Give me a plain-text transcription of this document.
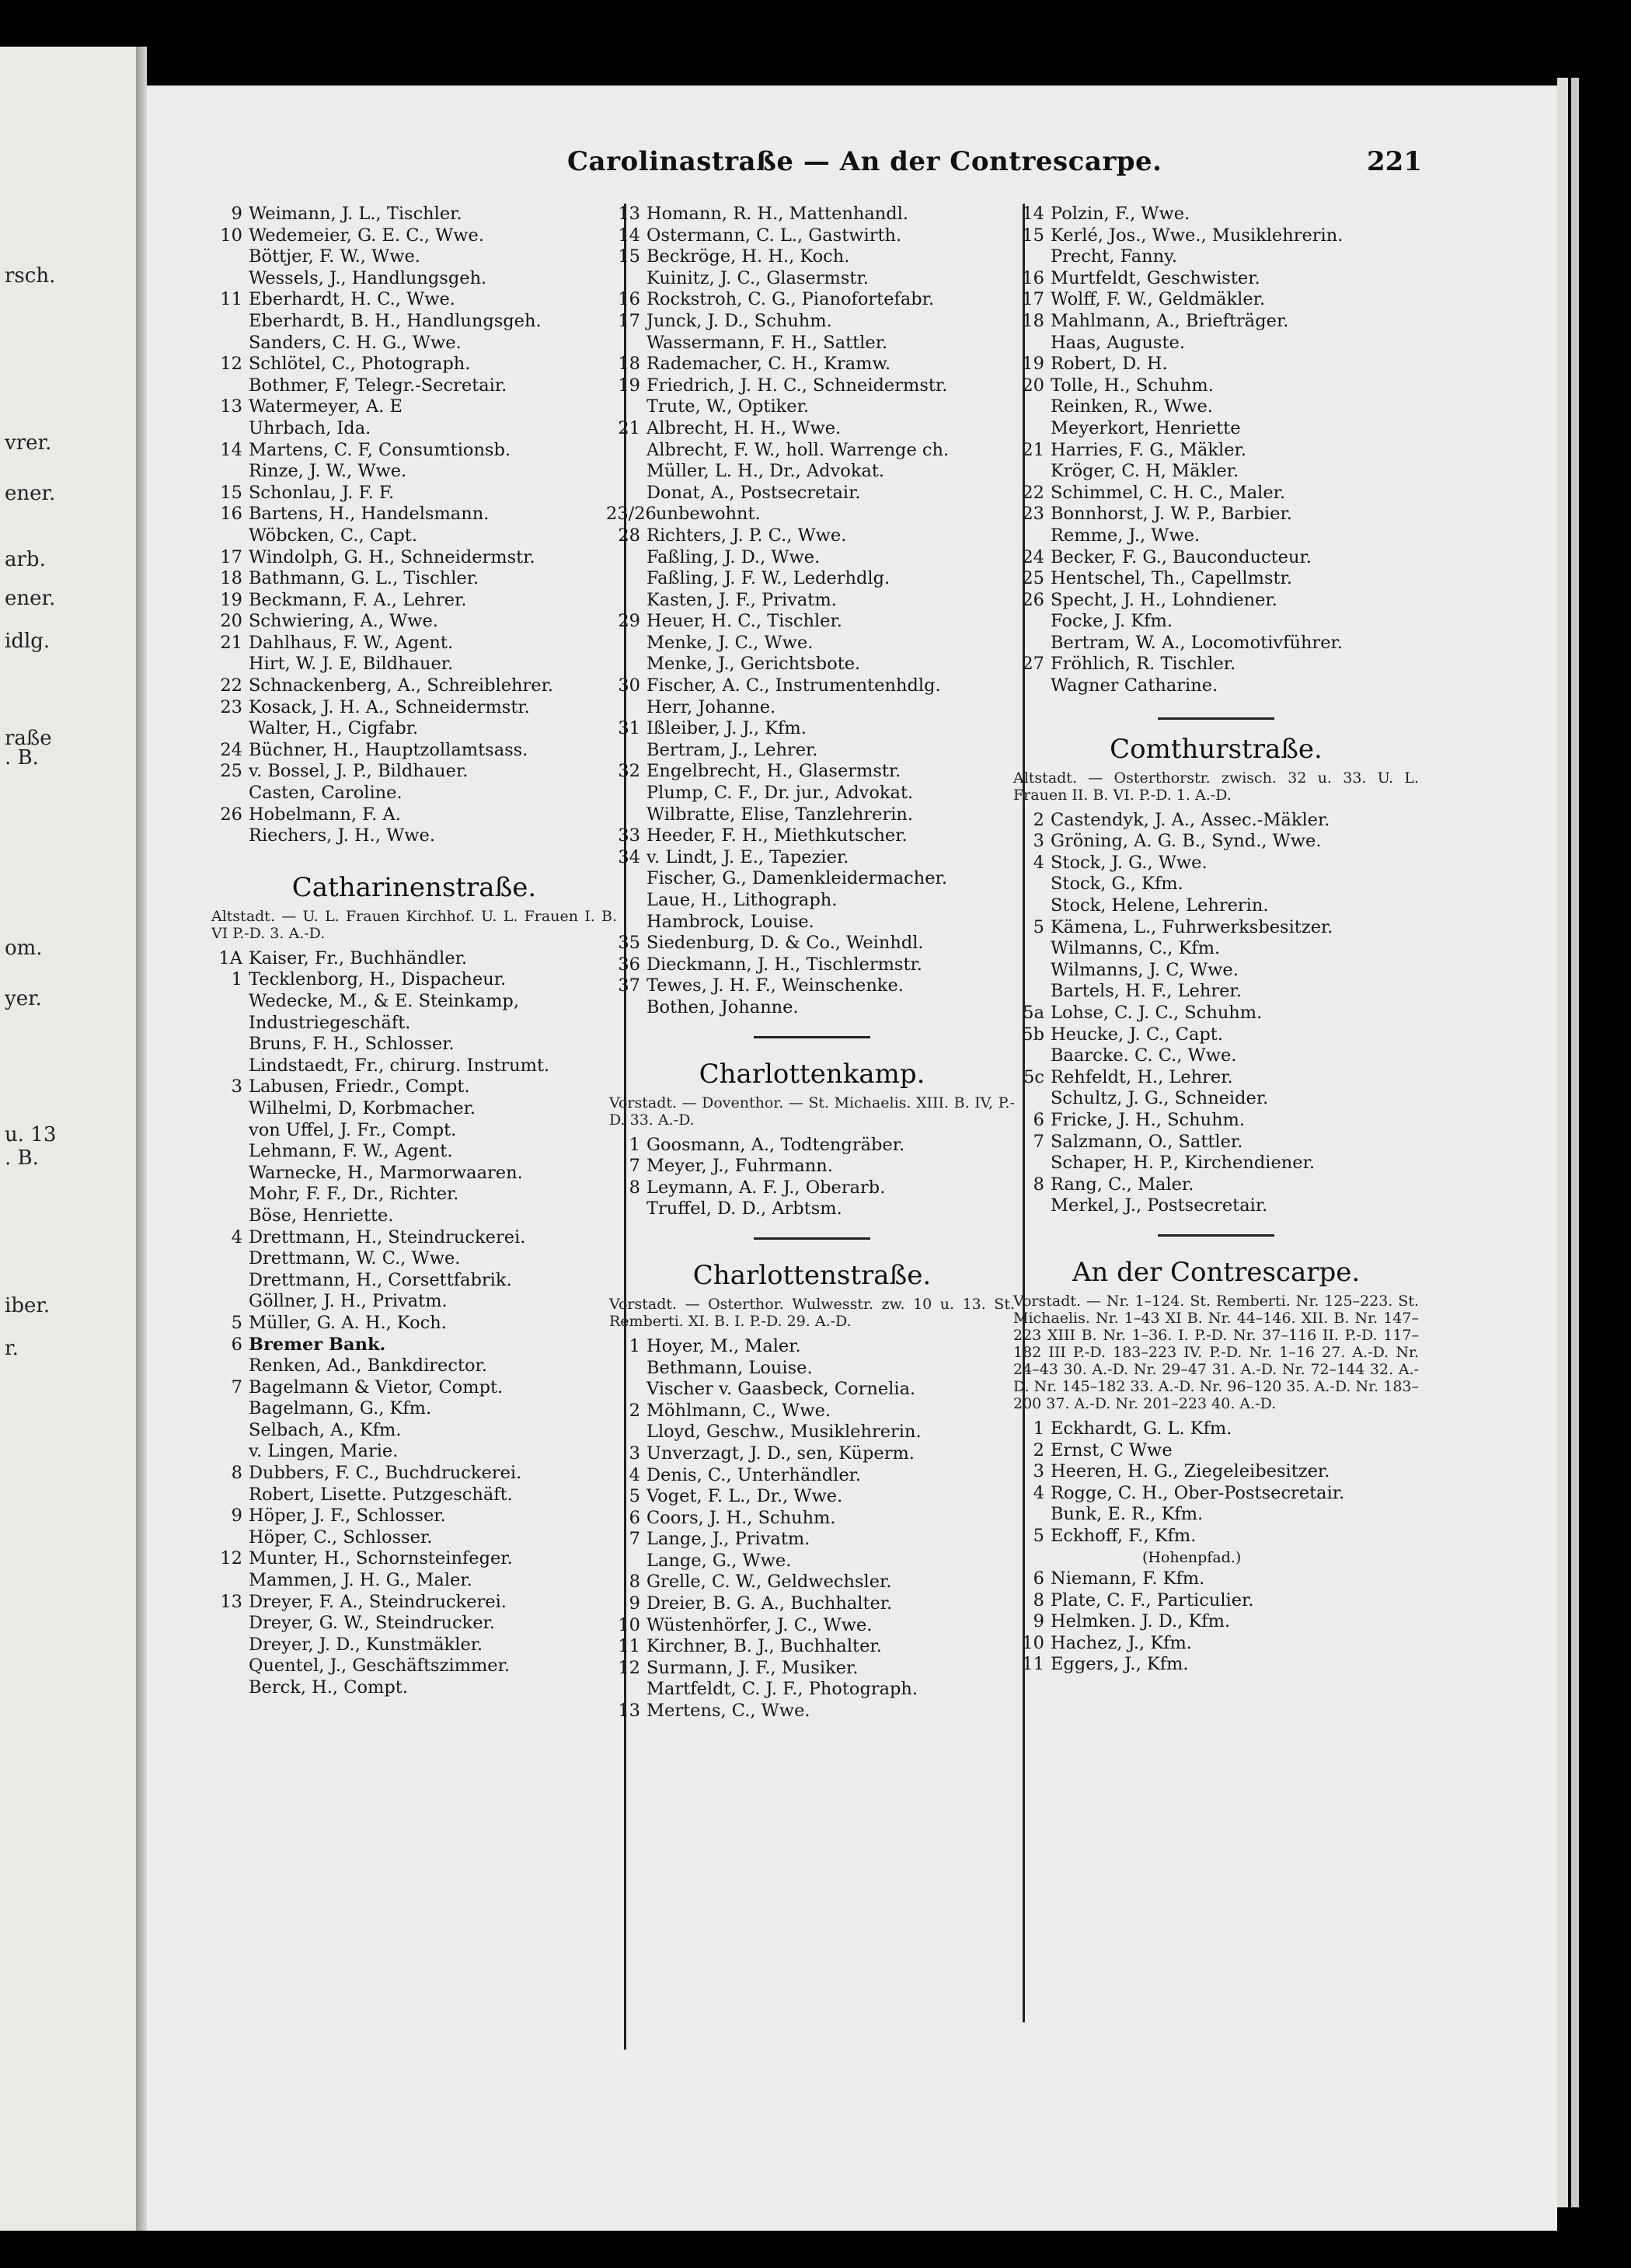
rsch.
vrer.
ener.
arb.
ener.
idlg.
raße
. B.
om.
yer.
u. 13
. B.
iber.
r.
Carolinastraße — An der Contrescarpe.	221
9 Weimann, J. L., Tischler.
10 Wedemeier, G. E. C., Wwe.
Böttjer, F. W., Wwe.
Wessels, J., Handlungsgeh.
11 Eberhardt, H. C., Wwe.
Eberhardt, B. H., Handlungsgeh.
Sanders, C. H. G., Wwe.
12 Schlötel, C., Photograph.
Bothmer, F, Telegr.-Secretair.
13 Watermeyer, A. E
Uhrbach, Ida.
14 Martens, C. F, Consumtionsb.
Rinze, J. W., Wwe.
15 Schonlau, J. F. F.
16 Bartens, H., Handelsmann.
Wöbcken, C., Capt.
17 Windolph, G. H., Schneidermstr.
18 Bathmann, G. L., Tischler.
19 Beckmann, F. A., Lehrer.
20 Schwiering, A., Wwe.
21 Dahlhaus, F. W., Agent.
Hirt, W. J. E, Bildhauer.
22 Schnackenberg, A., Schreiblehrer.
23 Kosack, J. H. A., Schneidermstr.
Walter, H., Cigfabr.
24 Büchner, H., Hauptzollamtsass.
25 v. Bossel, J. P., Bildhauer.
Casten, Caroline.
26 Hobelmann, F. A.
Riechers, J. H., Wwe.
Catharinenstraße.
Altstadt. — U. L. Frauen Kirchhof. U. L. Frauen I. B. VI P.-D. 3. A.-D.
1A Kaiser, Fr., Buchhändler.
1 Tecklenborg, H., Dispacheur.
Wedecke, M., & E. Steinkamp,
Industriegeschäft.
Bruns, F. H., Schlosser.
Lindstaedt, Fr., chirurg. Instrumt.
3 Labusen, Friedr., Compt.
Wilhelmi, D, Korbmacher.
von Uffel, J. Fr., Compt.
Lehmann, F. W., Agent.
Warnecke, H., Marmorwaaren.
Mohr, F. F., Dr., Richter.
Böse, Henriette.
4 Drettmann, H., Steindruckerei.
Drettmann, W. C., Wwe.
Drettmann, H., Corsettfabrik.
Göllner, J. H., Privatm.
5 Müller, G. A. H., Koch.
6 Bremer Bank.
Renken, Ad., Bankdirector.
7 Bagelmann & Vietor, Compt.
Bagelmann, G., Kfm.
Selbach, A., Kfm.
v. Lingen, Marie.
8 Dubbers, F. C., Buchdruckerei.
Robert, Lisette. Putzgeschäft.
9 Höper, J. F., Schlosser.
Höper, C., Schlosser.
12 Munter, H., Schornsteinfeger.
Mammen, J. H. G., Maler.
13 Dreyer, F. A., Steindruckerei.
Dreyer, G. W., Steindrucker.
Dreyer, J. D., Kunstmäkler.
Quentel, J., Geschäftszimmer.
Berck, H., Compt.
13 Homann, R. H., Mattenhandl.
14 Ostermann, C. L., Gastwirth.
15 Beckröge, H. H., Koch.
Kuinitz, J. C., Glasermstr.
16 Rockstroh, C. G., Pianofortefabr.
17 Junck, J. D., Schuhm.
Wassermann, F. H., Sattler.
18 Rademacher, C. H., Kramw.
19 Friedrich, J. H. C., Schneidermstr.
Trute, W., Optiker.
21 Albrecht, H. H., Wwe.
Albrecht, F. W., holl. Warrenge ch.
Müller, L. H., Dr., Advokat.
Donat, A., Postsecretair.
23/26 unbewohnt.
28 Richters, J. P. C., Wwe.
Faßling, J. D., Wwe.
Faßling, J. F. W., Lederhdlg.
Kasten, J. F., Privatm.
29 Heuer, H. C., Tischler.
Menke, J. C., Wwe.
Menke, J., Gerichtsbote.
30 Fischer, A. C., Instrumentenhdlg.
Herr, Johanne.
31 Ißleiber, J. J., Kfm.
Bertram, J., Lehrer.
32 Engelbrecht, H., Glasermstr.
Plump, C. F., Dr. jur., Advokat.
Wilbratte, Elise, Tanzlehrerin.
33 Heeder, F. H., Miethkutscher.
34 v. Lindt, J. E., Tapezier.
Fischer, G., Damenkleidermacher.
Laue, H., Lithograph.
Hambrock, Louise.
35 Siedenburg, D. & Co., Weinhdl.
36 Dieckmann, J. H., Tischlermstr.
37 Tewes, J. H. F., Weinschenke.
Bothen, Johanne.
Charlottenkamp.
Vorstadt. — Doventhor. — St. Michaelis. XIII. B. IV, P.-D. 33. A.-D.
1 Goosmann, A., Todtengräber.
7 Meyer, J., Fuhrmann.
8 Leymann, A. F. J., Oberarb.
Truffel, D. D., Arbtsm.
Charlottenstraße.
Vorstadt. — Osterthor. Wulwesstr. zw. 10 u. 13. St. Remberti. XI. B. I. P.-D. 29. A.-D.
1 Hoyer, M., Maler.
Bethmann, Louise.
Vischer v. Gaasbeck, Cornelia.
2 Möhlmann, C., Wwe.
Lloyd, Geschw., Musiklehrerin.
3 Unverzagt, J. D., sen, Küperm.
4 Denis, C., Unterhändler.
5 Voget, F. L., Dr., Wwe.
6 Coors, J. H., Schuhm.
7 Lange, J., Privatm.
Lange, G., Wwe.
8 Grelle, C. W., Geldwechsler.
9 Dreier, B. G. A., Buchhalter.
10 Wüstenhörfer, J. C., Wwe.
11 Kirchner, B. J., Buchhalter.
12 Surmann, J. F., Musiker.
Martfeldt, C. J. F., Photograph.
13 Mertens, C., Wwe.
14 Polzin, F., Wwe.
15 Kerlé, Jos., Wwe., Musiklehrerin.
Precht, Fanny.
16 Murtfeldt, Geschwister.
17 Wolff, F. W., Geldmäkler.
18 Mahlmann, A., Briefträger.
Haas, Auguste.
19 Robert, D. H.
20 Tolle, H., Schuhm.
Reinken, R., Wwe.
Meyerkort, Henriette
21 Harries, F. G., Mäkler.
Kröger, C. H, Mäkler.
22 Schimmel, C. H. C., Maler.
23 Bonnhorst, J. W. P., Barbier.
Remme, J., Wwe.
24 Becker, F. G., Bauconducteur.
25 Hentschel, Th., Capellmstr.
26 Specht, J. H., Lohndiener.
Focke, J. Kfm.
Bertram, W. A., Locomotivführer.
27 Fröhlich, R. Tischler.
Wagner Catharine.
Comthurstraße.
Altstadt. — Osterthorstr. zwisch. 32 u. 33. U. L. Frauen II. B. VI. P.-D. 1. A.-D.
2 Castendyk, J. A., Assec.-Mäkler.
3 Gröning, A. G. B., Synd., Wwe.
4 Stock, J. G., Wwe.
Stock, G., Kfm.
Stock, Helene, Lehrerin.
5 Kämena, L., Fuhrwerksbesitzer.
Wilmanns, C., Kfm.
Wilmanns, J. C, Wwe.
Bartels, H. F., Lehrer.
5a Lohse, C. J. C., Schuhm.
5b Heucke, J. C., Capt.
Baarcke. C. C., Wwe.
5c Rehfeldt, H., Lehrer.
Schultz, J. G., Schneider.
6 Fricke, J. H., Schuhm.
7 Salzmann, O., Sattler.
Schaper, H. P., Kirchendiener.
8 Rang, C., Maler.
Merkel, J., Postsecretair.
An der Contrescarpe.
Vorstadt. — Nr. 1–124. St. Remberti. Nr. 125–223. St. Michaelis. Nr. 1–43 XI B. Nr. 44–146. XII. B. Nr. 147–223 XIII B. Nr. 1–36. I. P.-D. Nr. 37–116 II. P.-D. 117–182 III P.-D. 183–223 IV. P.-D. Nr. 1–16 27. A.-D. Nr. 24–43 30. A.-D. Nr. 29–47 31. A.-D. Nr. 72–144 32. A.-D. Nr. 145–182 33. A.-D. Nr. 96–120 35. A.-D. Nr. 183–200 37. A.-D. Nr. 201–223 40. A.-D.
1 Eckhardt, G. L. Kfm.
2 Ernst, C Wwe
3 Heeren, H. G., Ziegeleibesitzer.
4 Rogge, C. H., Ober-Postsecretair.
Bunk, E. R., Kfm.
5 Eckhoff, F., Kfm.
(Hohenpfad.)
6 Niemann, F. Kfm.
8 Plate, C. F., Particulier.
9 Helmken. J. D., Kfm.
10 Hachez, J., Kfm.
11 Eggers, J., Kfm.
